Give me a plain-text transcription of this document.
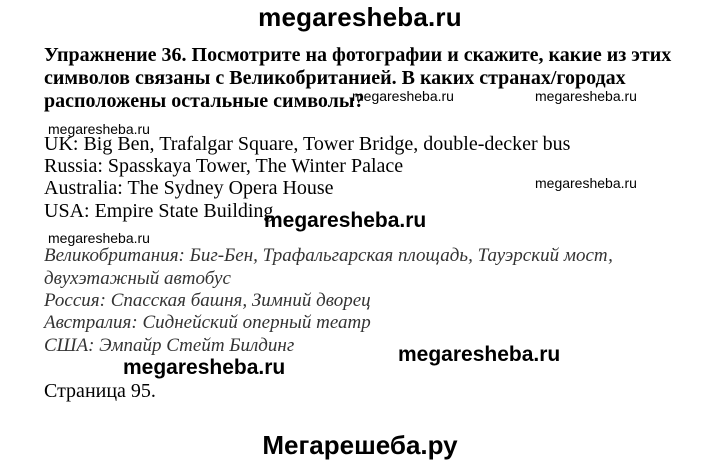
megaresheba.ru
Упражнение 36. Посмотрите на фотографии и скажите, какие из этих
символов связаны с Великобританией. В каких странах/городах
расположены остальные символы?
megaresheba.ru	megaresheba.ru
megaresheba.ru
UK: Big Ben, Trafalgar Square, Tower Bridge, double-decker bus
Russia: Spasskaya Tower, The Winter Palace
megaresheba.ru
Australia: The Sydney Opera House
USA: Empire State Building
megaresheba.ru
megaresheba.ru
Великобритания: Биг-Бен, Трафальгарская площадь, Тауэрский мост,
двухэтажный автобус
Россия: Спасская башня, Зимний дворец
Австралия: Сиднейский оперный театр
США: Эмпайр Стейт Билдинг	megaresheba.ru
Страница 95.
megaresheba.ru
Мегарешеба.ру
